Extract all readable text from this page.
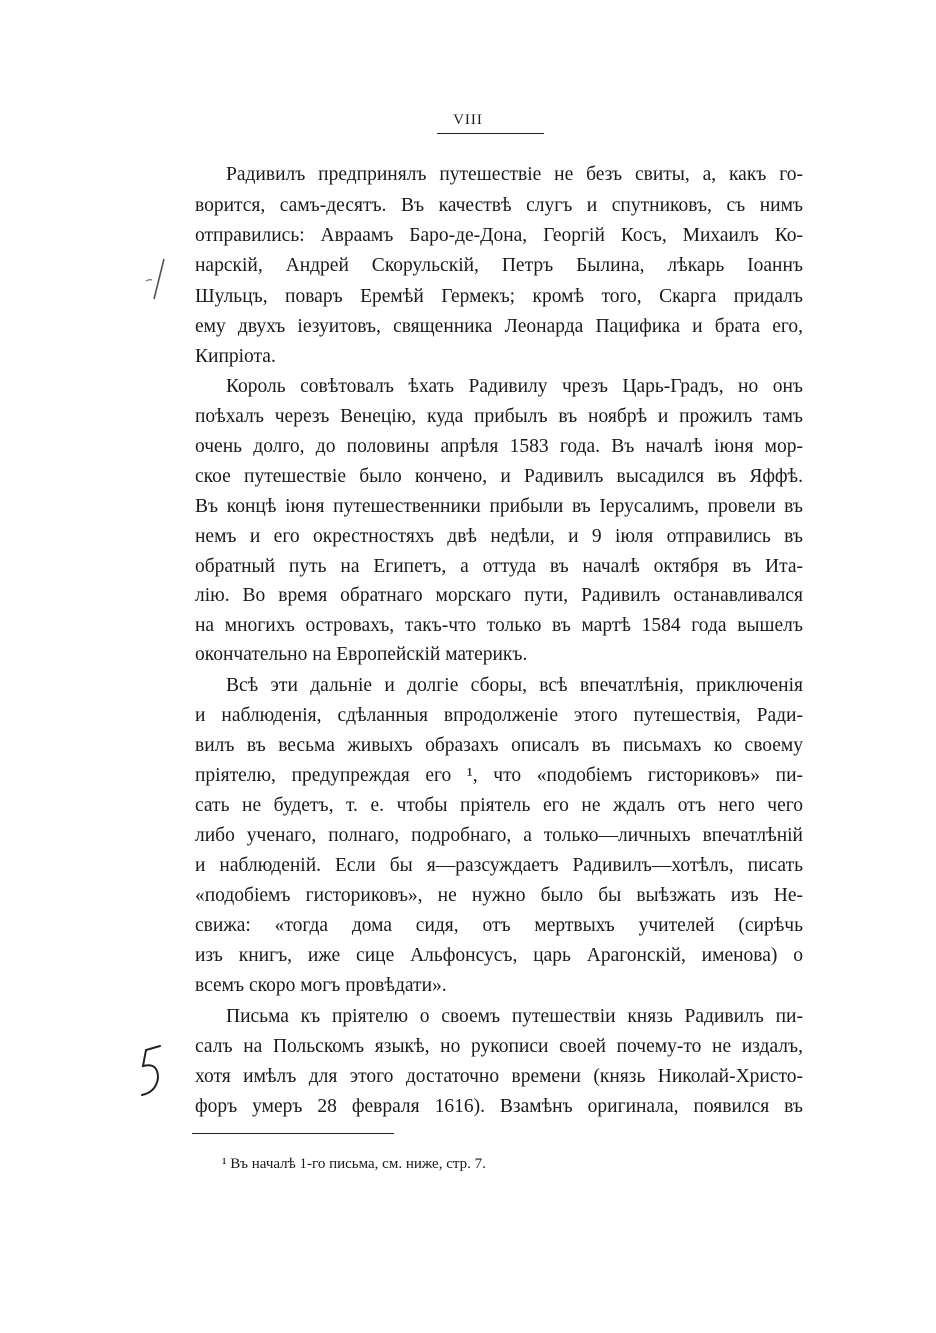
VIII
Радивилъ предпринялъ путешествіе не безъ свиты, а, какъ го-
ворится, самъ-десятъ. Въ качествѣ слугъ и спутниковъ, съ нимъ
отправились: Авраамъ Баро-де-Дона, Георгій Косъ, Михаилъ Ко-
нарскій, Андрей Скорульскій, Петръ Былина, лѣкарь Іоаннъ
Шульцъ, поваръ Еремѣй Гермекъ; кромѣ того, Скарга придалъ
ему двухъ іезуитовъ, священника Леонарда Пацифика и брата его,
Кипріота.
Король совѣтовалъ ѣхать Радивилу чрезъ Царь-Градъ, но онъ
поѣхалъ черезъ Венецію, куда прибылъ въ ноябрѣ и прожилъ тамъ
очень долго, до половины апрѣля 1583 года. Въ началѣ іюня мор-
ское путешествіе было кончено, и Радивилъ высадился въ Яффѣ.
Въ концѣ іюня путешественники прибыли въ Іерусалимъ, провели въ
немъ и его окрестностяхъ двѣ недѣли, и 9 іюля отправились въ
обратный путь на Египетъ, а оттуда въ началѣ октября въ Ита-
лію. Во время обратнаго морскаго пути, Радивилъ останавливался
на многихъ островахъ, такъ-что только въ мартѣ 1584 года вышелъ
окончательно на Европейскій материкъ.
Всѣ эти дальніе и долгіе сборы, всѣ впечатлѣнія, приключенія
и наблюденія, сдѣланныя впродолженіе этого путешествія, Ради-
вилъ въ весьма живыхъ образахъ описалъ въ письмахъ ко своему
пріятелю, предупреждая его ¹, что «подобіемъ гисториковъ» пи-
сать не будетъ, т. е. чтобы пріятель его не ждалъ отъ него чего
либо ученаго, полнаго, подробнаго, а только—личныхъ впечатлѣній
и наблюденій. Если бы я—разсуждаетъ Радивилъ—хотѣлъ, писать
«подобіемъ гисториковъ», не нужно было бы выѣзжать изъ Не-
свижа: «тогда дома сидя, отъ мертвыхъ учителей (сирѣчь
изъ книгъ, иже сице Альфонсусъ, царь Арагонскій, именова) о
всемъ скоро могъ провѣдати».
Письма къ пріятелю о своемъ путешествіи князь Радивилъ пи-
салъ на Польскомъ языкѣ, но рукописи своей почему-то не издалъ,
хотя имѣлъ для этого достаточно времени (князь Николай-Христо-
форъ умеръ 28 февраля 1616). Взамѣнъ оригинала, появился въ
¹ Въ началѣ 1-го письма, см. ниже, стр. 7.
